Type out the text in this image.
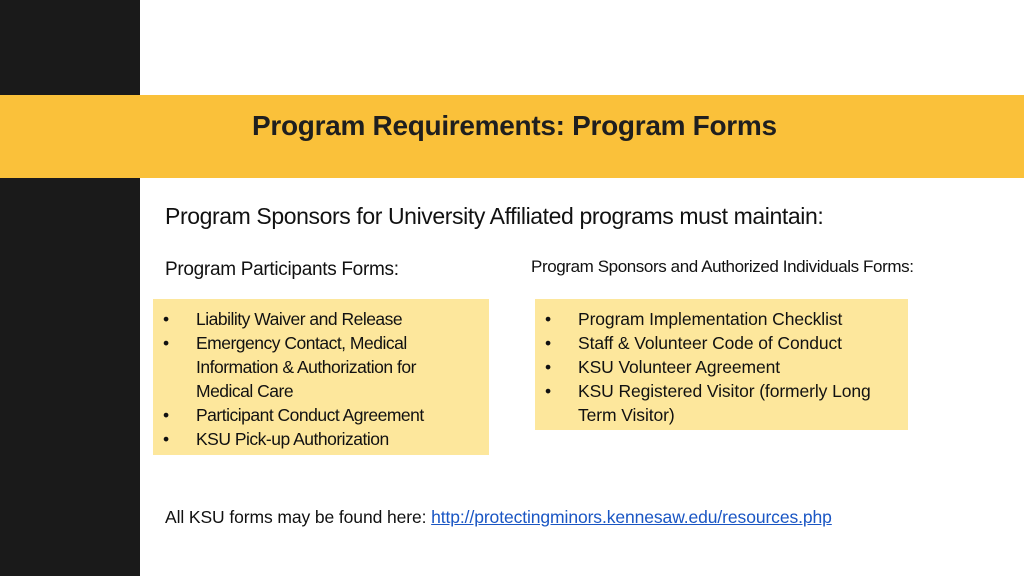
Program Requirements: Program Forms
Program Sponsors for University Affiliated programs must maintain:
Program Participants Forms:	Program Sponsors and Authorized Individuals Forms:
• Liability Waiver and Release
• Emergency Contact, Medical Information & Authorization for Medical Care
• Participant Conduct Agreement
• KSU Pick-up Authorization
• Program Implementation Checklist
• Staff & Volunteer Code of Conduct
• KSU Volunteer Agreement
• KSU Registered Visitor (formerly Long Term Visitor)
All KSU forms may be found here: http://protectingminors.kennesaw.edu/resources.php
